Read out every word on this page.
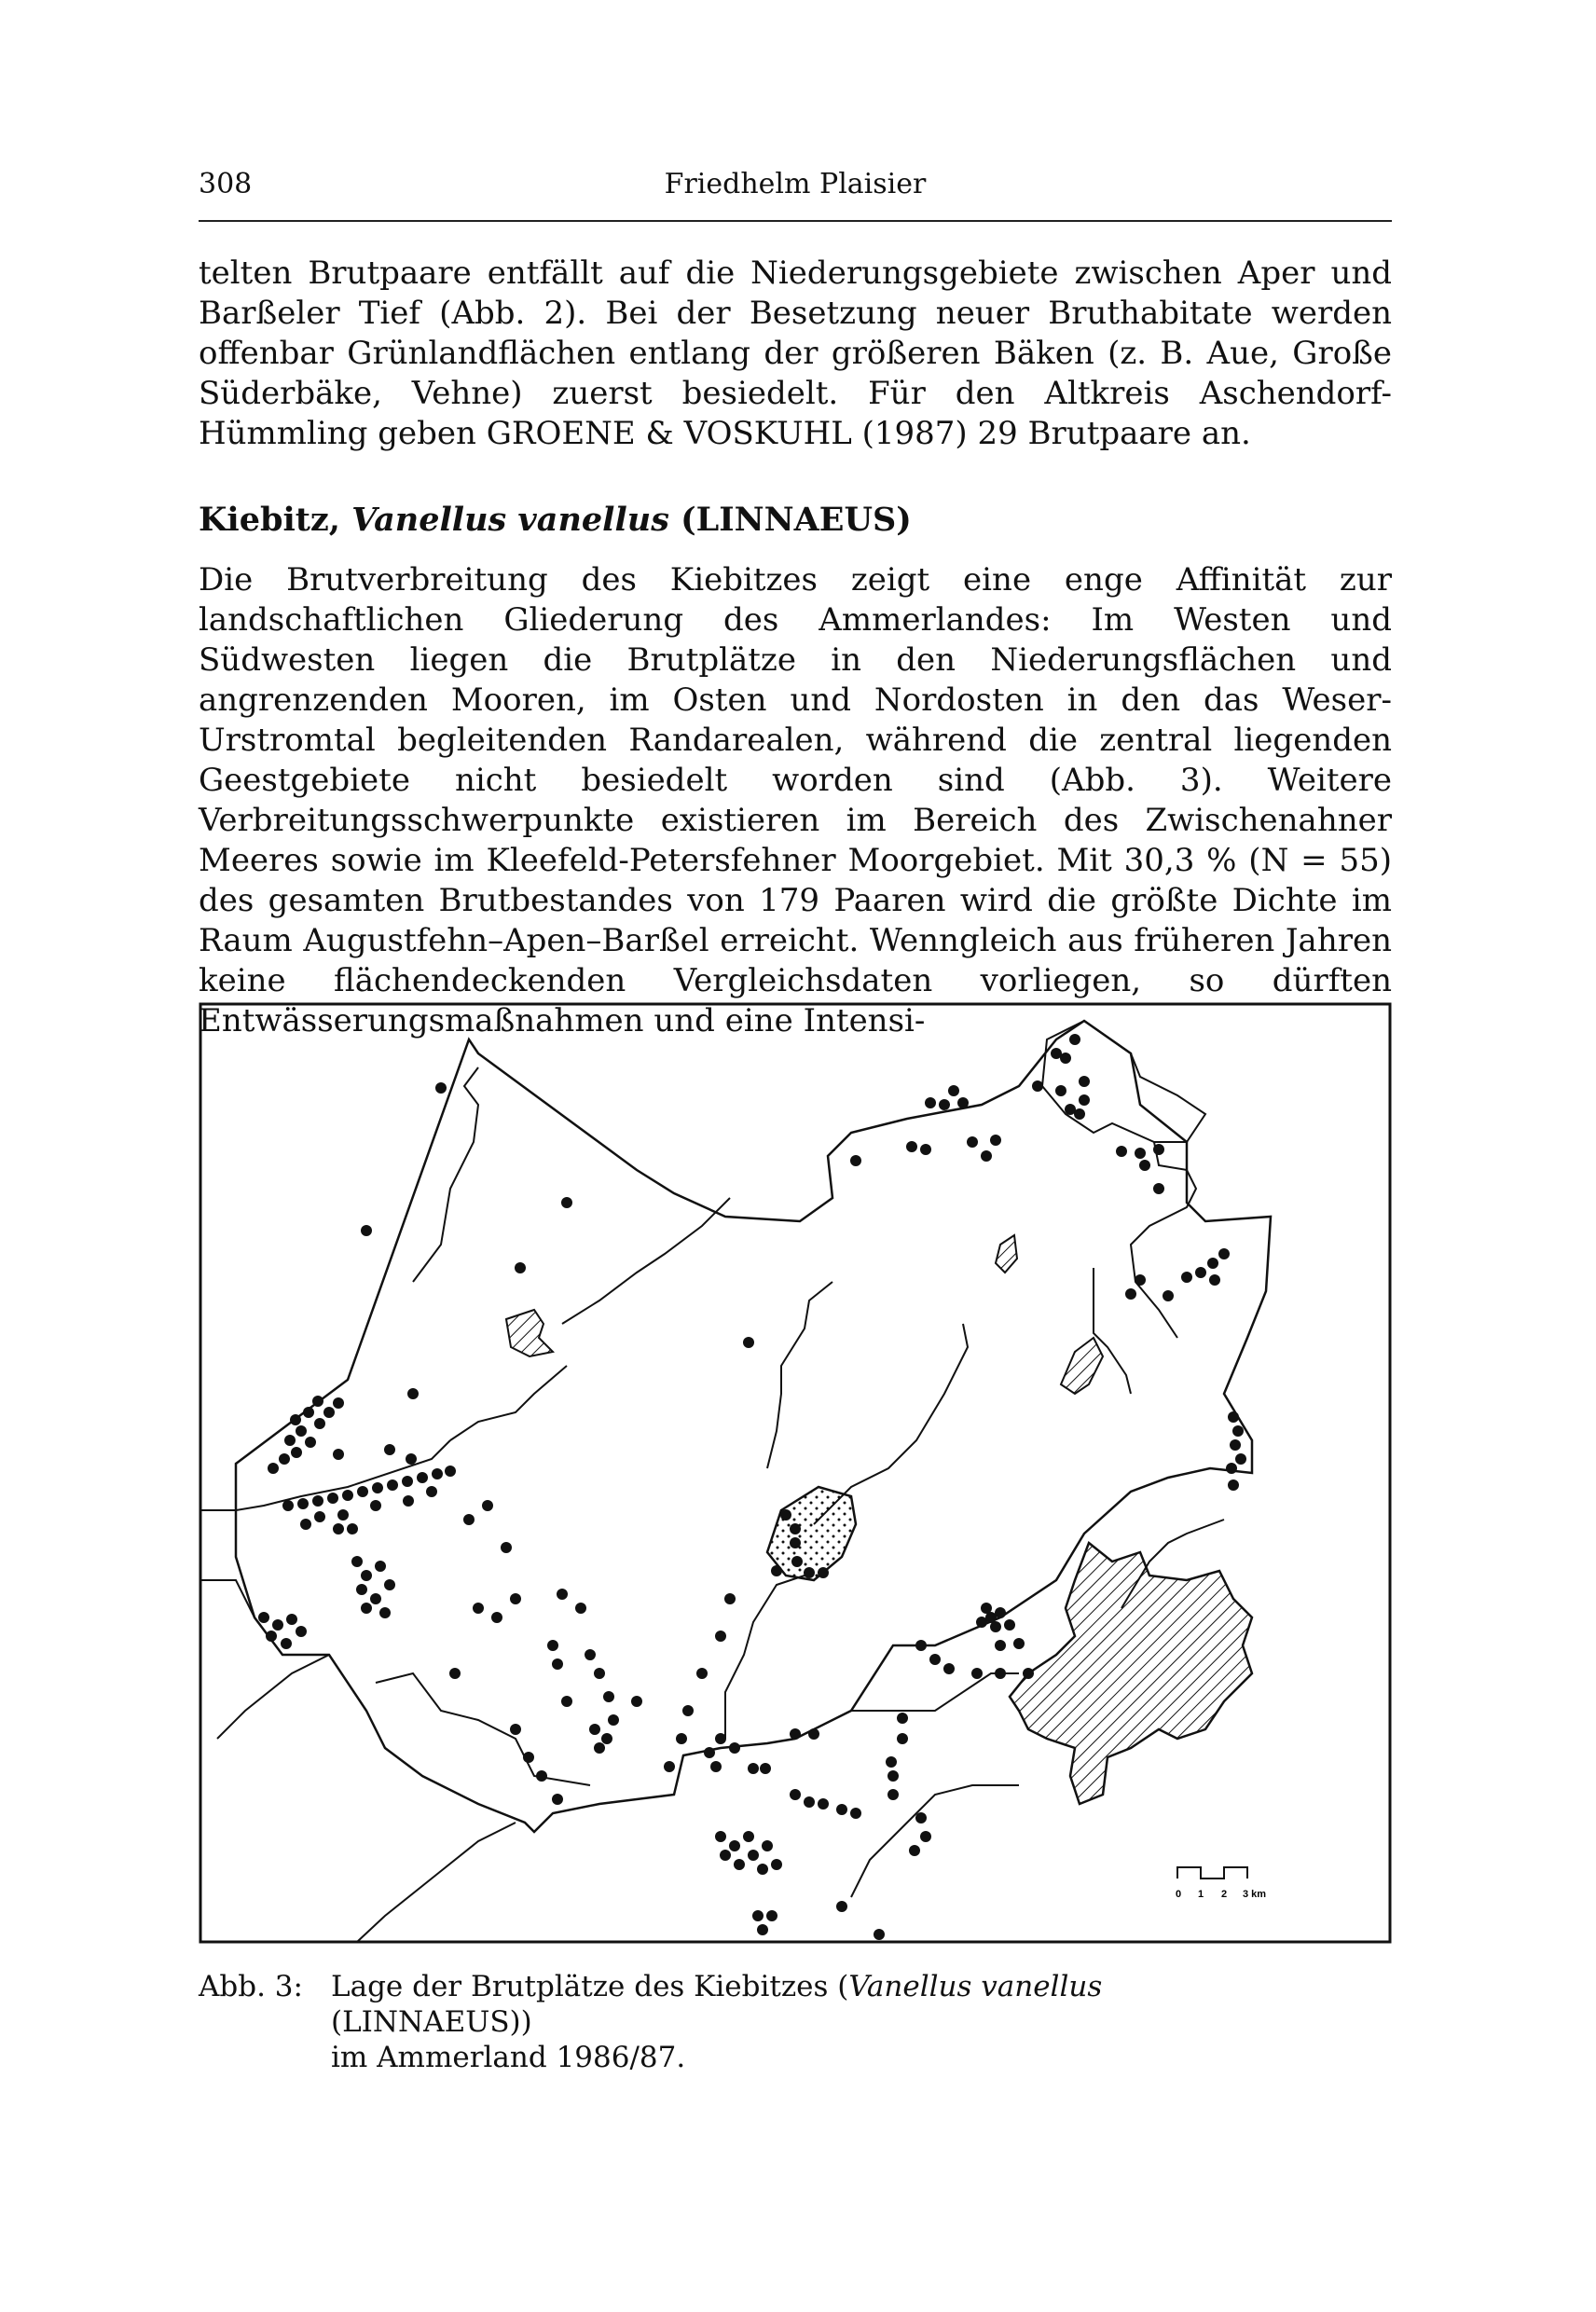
308	Friedhelm Plaisier

telten Brutpaare entfällt auf die Niederungsgebiete zwischen Aper und Barßeler Tief (Abb. 2). Bei der Besetzung neuer Bruthabitate werden offenbar Grünlandflächen entlang der größeren Bäken (z. B. Aue, Große Süderbäke, Vehne) zuerst besiedelt. Für den Altkreis Aschendorf-Hümmling geben GROENE & VOSKUHL (1987) 29 Brutpaare an.

Kiebitz, Vanellus vanellus (LINNAEUS)

Die Brutverbreitung des Kiebitzes zeigt eine enge Affinität zur landschaftlichen Gliederung des Ammerlandes: Im Westen und Südwesten liegen die Brutplätze in den Niederungsflächen und angrenzenden Mooren, im Osten und Nordosten in den das Weser-Urstromtal begleitenden Randarealen, während die zentral liegenden Geestgebiete nicht besiedelt worden sind (Abb. 3). Weitere Verbreitungsschwerpunkte existieren im Bereich des Zwischenahner Meeres sowie im Kleefeld-Petersfehner Moorgebiet. Mit 30,3 % (N = 55) des gesamten Brutbestandes von 179 Paaren wird die größte Dichte im Raum Augustfehn–Apen–Barßel erreicht. Wenngleich aus früheren Jahren keine flächendeckenden Vergleichsdaten vorliegen, so dürften Entwässerungsmaßnahmen und eine Intensi-

0 1 2 3 km
Abb. 3: Lage der Brutplätze des Kiebitzes (Vanellus vanellus (LINNAEUS))
im Ammerland 1986/87.
